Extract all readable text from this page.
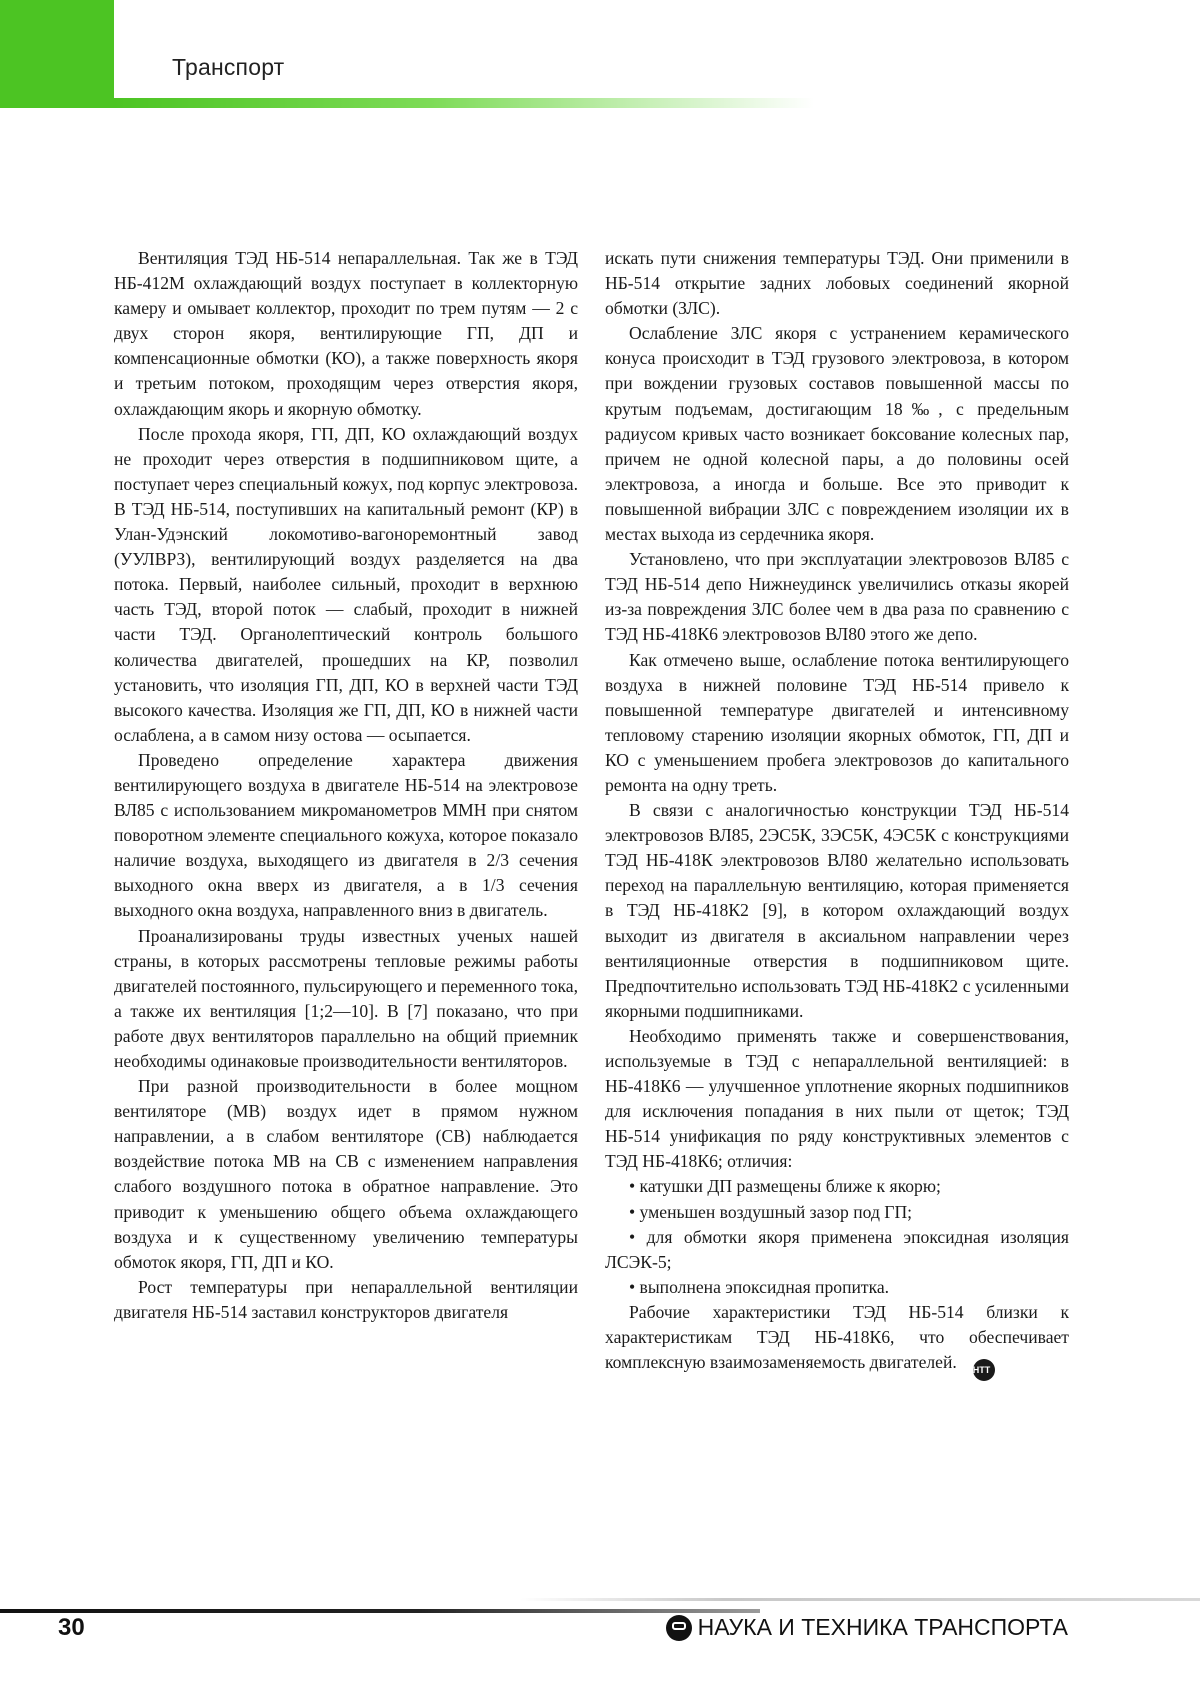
Транспорт

Вентиляция ТЭД НБ-514 непараллельная. Так же в ТЭД НБ-412М охлаждающий воздух поступает в коллекторную камеру и омывает коллектор, проходит по трем путям — 2 с двух сторон якоря, вентилирующие ГП, ДП и компенсационные обмотки (КО), а также поверхность якоря и третьим потоком, проходящим через отверстия якоря, охлаждающим якорь и якорную обмотку.

После прохода якоря, ГП, ДП, КО охлаждающий воздух не проходит через отверстия в подшипниковом щите, а поступает через специальный кожух, под корпус электровоза. В ТЭД НБ-514, поступивших на капитальный ремонт (КР) в Улан-Удэнский локомотиво-вагоноремонтный завод (УУЛВРЗ), вентилирующий воздух разделяется на два потока. Первый, наиболее сильный, проходит в верхнюю часть ТЭД, второй поток — слабый, проходит в нижней части ТЭД. Органолептический контроль большого количества двигателей, прошедших на КР, позволил установить, что изоляция ГП, ДП, КО в верхней части ТЭД высокого качества. Изоляция же ГП, ДП, КО в нижней части ослаблена, а в самом низу остова — осыпается.

Проведено определение характера движения вентилирующего воздуха в двигателе НБ-514 на электровозе ВЛ85 с использованием микроманометров ММН при снятом поворотном элементе специального кожуха, которое показало наличие воздуха, выходящего из двигателя в 2/3 сечения выходного окна вверх из двигателя, а в 1/3 сечения выходного окна воздуха, направленного вниз в двигатель.

Проанализированы труды известных ученых нашей страны, в которых рассмотрены тепловые режимы работы двигателей постоянного, пульсирующего и переменного тока, а также их вентиляция [1;2—10]. В [7] показано, что при работе двух вентиляторов параллельно на общий приемник необходимы одинаковые производительности вентиляторов.

При разной производительности в более мощном вентиляторе (МВ) воздух идет в прямом нужном направлении, а в слабом вентиляторе (СВ) наблюдается воздействие потока МВ на СВ с изменением направления слабого воздушного потока в обратное направление. Это приводит к уменьшению общего объема охлаждающего воздуха и к существенному увеличению температуры обмоток якоря, ГП, ДП и КО.

Рост температуры при непараллельной вентиляции двигателя НБ-514 заставил конструкторов двигателя

искать пути снижения температуры ТЭД. Они применили в НБ-514 открытие задних лобовых соединений якорной обмотки (ЗЛС).

Ослабление ЗЛС якоря с устранением керамического конуса происходит в ТЭД грузового электровоза, в котором при вождении грузовых составов повышенной массы по крутым подъемам, достигающим 18‰, с предельным радиусом кривых часто возникает боксование колесных пар, причем не одной колесной пары, а до половины осей электровоза, а иногда и больше. Все это приводит к повышенной вибрации ЗЛС с повреждением изоляции их в местах выхода из сердечника якоря.

Установлено, что при эксплуатации электровозов ВЛ85 с ТЭД НБ-514 депо Нижнеудинск увеличились отказы якорей из-за повреждения ЗЛС более чем в два раза по сравнению с ТЭД НБ-418К6 электровозов ВЛ80 этого же депо.

Как отмечено выше, ослабление потока вентилирующего воздуха в нижней половине ТЭД НБ-514 привело к повышенной температуре двигателей и интенсивному тепловому старению изоляции якорных обмоток, ГП, ДП и КО с уменьшением пробега электровозов до капитального ремонта на одну треть.

В связи с аналогичностью конструкции ТЭД НБ-514 электровозов ВЛ85, 2ЭС5К, 3ЭС5К, 4ЭС5К с конструкциями ТЭД НБ-418К электровозов ВЛ80 желательно использовать переход на параллельную вентиляцию, которая применяется в ТЭД НБ-418К2 [9], в котором охлаждающий воздух выходит из двигателя в аксиальном направлении через вентиляционные отверстия в подшипниковом щите. Предпочтительно использовать ТЭД НБ-418К2 с усиленными якорными подшипниками.

Необходимо применять также и совершенствования, используемые в ТЭД с непараллельной вентиляцией: в НБ-418К6 — улучшенное уплотнение якорных подшипников для исключения попадания в них пыли от щеток; ТЭД НБ-514 унификация по ряду конструктивных элементов с ТЭД НБ-418К6; отличия:

• катушки ДП размещены ближе к якорю;

• уменьшен воздушный зазор под ГП;

• для обмотки якоря применена эпоксидная изоляция ЛСЭК-5;

• выполнена эпоксидная пропитка.

Рабочие характеристики ТЭД НБ-514 близки к характеристикам ТЭД НБ-418К6, что обеспечивает комплексную взаимозаменяемость двигателей. НТТ

30	НАУКА И ТЕХНИКА ТРАНСПОРТА
